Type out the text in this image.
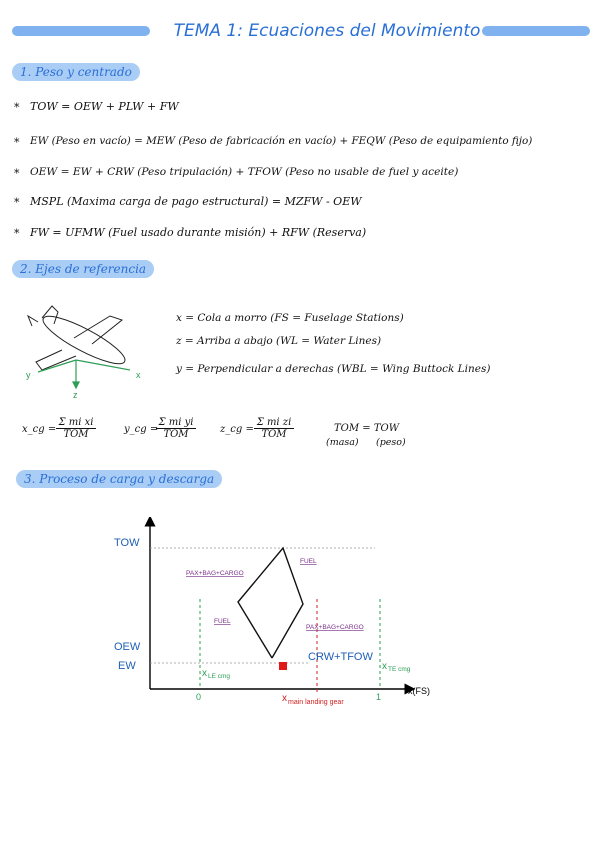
TEMA 1: Ecuaciones del Movimiento
1. Peso y centrado
* TOW = OEW + PLW + FW
* EW (Peso en vacío) = MEW (Peso de fabricación en vacío) + FEQW (Peso de equipamiento fijo)
* OEW = EW + CRW (Peso tripulación) + TFOW (Peso no usable de fuel y aceite)
* MSPL (Maxima carga de pago estructural) = MZFW - OEW
* FW = UFMW (Fuel usado durante misión) + RFW (Reserva)
2. Ejes de referencia
x
y
z
x = Cola a morro (FS = Fuselage Stations)
z = Arriba a abajo (WL = Water Lines)
y = Perpendicular a derechas (WBL = Wing Buttock Lines)
x_cg =
Σ mi xi
TOM	y_cg =
Σ mi yi
TOM	z_cg =
Σ mi zi
TOM
TOM = TOW
(masa) (peso)
3. Proceso de carga y descarga
TOW
OEW
EW
FUEL
PAX+BAG+CARGO
FUEL
PAX+BAG+CARGO
CRW+TFOW
x LE cmg
x TE cmg
x main landing gear
0	1
x(FS)
